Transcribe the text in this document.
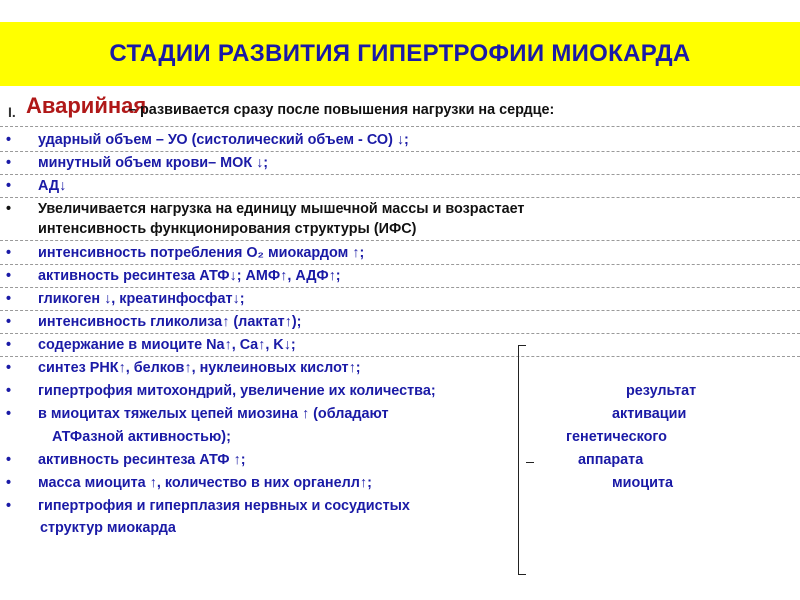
СТАДИИ РАЗВИТИЯ ГИПЕРТРОФИИ МИОКАРДА
I. Аварийная
– развивается сразу после повышения нагрузки на сердце:
• ударный объем – УО (систолический объем - СО) ↓;
• минутный объем крови– МОК ↓;
• АД↓
• Увеличивается нагрузка на единицу мышечной массы и возрастает
интенсивность функционирования структуры (ИФС)
• интенсивность потребления О₂ миокардом ↑;
• активность ресинтеза АТФ↓; АМФ↑, АДФ↑;
• гликоген ↓, креатинфосфат↓;
• интенсивность гликолиза↑ (лактат↑);
• содержание в миоците Na↑, Ca↑, K↓;
• синтез РНК↑, белков↑, нуклеиновых кислот↑;
• гипертрофия митохондрий, увеличение их количества;	результат
• в миоцитах тяжелых цепей миозина ↑ (обладают	активации
АТФазной активностью);	генетического
• активность ресинтеза АТФ ↑;	аппарата
• масса миоцита ↑, количество в них органелл↑;	миоцита
• гипертрофия и гиперплазия нервных и сосудистых
структур миокарда
